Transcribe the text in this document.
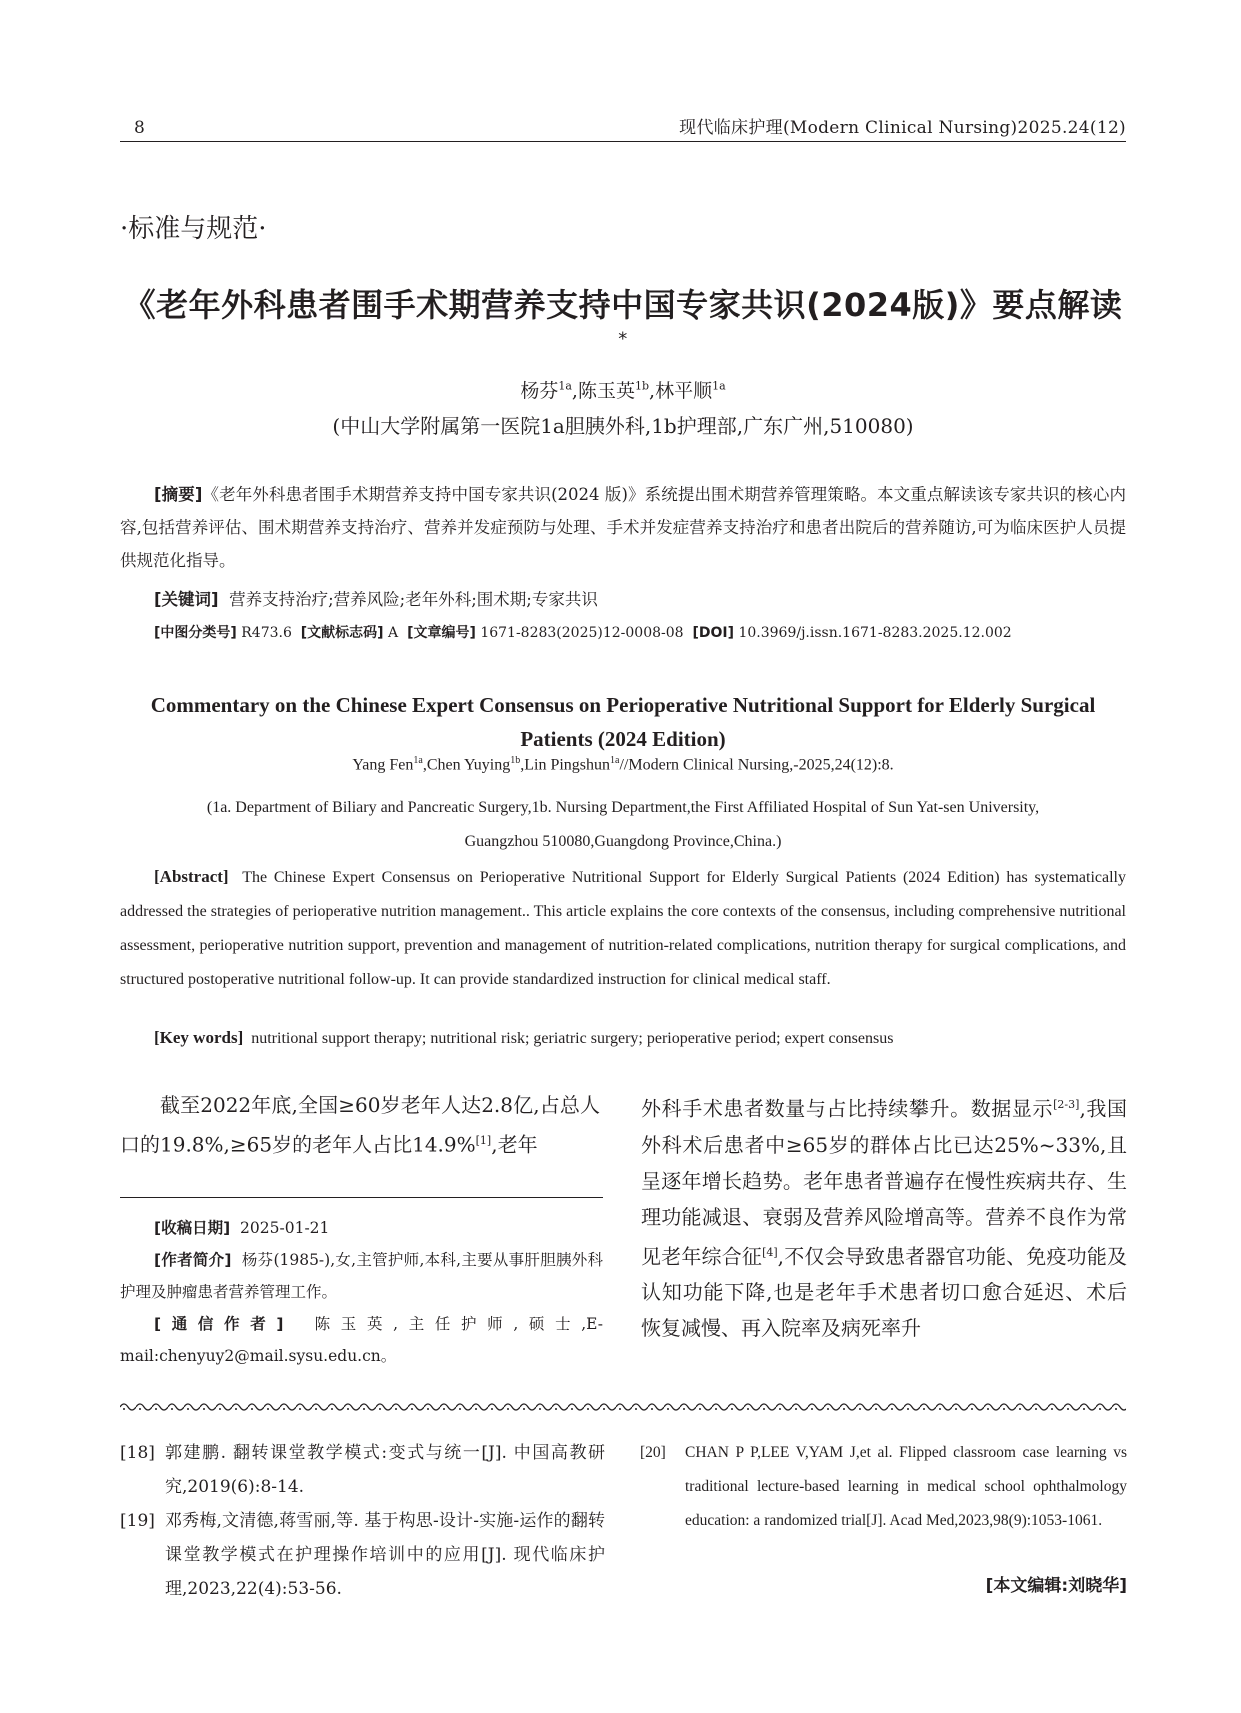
8	现代临床护理(Modern Clinical Nursing)2025.24(12)
·标准与规范·
《老年外科患者围手术期营养支持中国专家共识(2024版)》要点解读*
杨芬$^{1a}$,陈玉英$^{1b}$,林平顺$^{1a}$
(中山大学附属第一医院1a胆胰外科,1b护理部,广东广州,510080)
[摘要]《老年外科患者围手术期营养支持中国专家共识(2024 版)》系统提出围术期营养管理策略。本文重点解读该专家共识的核心内容,包括营养评估、围术期营养支持治疗、营养并发症预防与处理、手术并发症营养支持治疗和患者出院后的营养随访,可为临床医护人员提供规范化指导。
[关键词] 营养支持治疗;营养风险;老年外科;围术期;专家共识
[中图分类号] R473.6 [文献标志码] A [文章编号] 1671-8283(2025)12-0008-08 [DOI] 10.3969/j.issn.1671-8283.2025.12.002
Commentary on the Chinese Expert Consensus on Perioperative Nutritional Support for Elderly Surgical
Patients (2024 Edition)
Yang Fen$^{1a}$,Chen Yuying$^{1b}$,Lin Pingshun$^{1a}$//Modern Clinical Nursing,-2025,24(12):8.
(1a. Department of Biliary and Pancreatic Surgery,1b. Nursing Department,the First Affiliated Hospital of Sun Yat-sen University,
Guangzhou 510080,Guangdong Province,China.)
[Abstract] The Chinese Expert Consensus on Perioperative Nutritional Support for Elderly Surgical Patients (2024 Edition) has systematically addressed the strategies of perioperative nutrition management.. This article explains the core contexts of the consensus, including comprehensive nutritional assessment, perioperative nutrition support, prevention and management of nutrition-related complications, nutrition therapy for surgical complications, and structured postoperative nutritional follow-up. It can provide standardized instruction for clinical medical staff.
[Key words] nutritional support therapy; nutritional risk; geriatric surgery; perioperative period; expert consensus
截至2022年底,全国≥60岁老年人达2.8亿,占总人口的19.8%,≥65岁的老年人占比14.9%[1],老年
外科手术患者数量与占比持续攀升。数据显示[2-3],我国外科术后患者中≥65岁的群体占比已达25%~33%,且呈逐年增长趋势。老年患者普遍存在慢性疾病共存、生理功能减退、衰弱及营养风险增高等。营养不良作为常见老年综合征[4],不仅会导致患者器官功能、免疫功能及认知功能下降,也是老年手术患者切口愈合延迟、术后恢复减慢、再入院率及病死率升

[收稿日期] 2025-01-21

[作者简介] 杨芬(1985-),女,主管护师,本科,主要从事肝胆胰外科护理及肿瘤患者营养管理工作。

[通信作者] 陈玉英,主任护师,硕士,E-mail:chenyuy2@mail.sysu.edu.cn。

[18] 郭建鹏. 翻转课堂教学模式:变式与统一[J]. 中国高教研究,2019(6):8-14.
[19] 邓秀梅,文清德,蒋雪丽,等. 基于构思-设计-实施-运作的翻转课堂教学模式在护理操作培训中的应用[J]. 现代临床护理,2023,22(4):53-56.
[20]	CHAN P P,LEE V,YAM J,et al. Flipped classroom case learning vs traditional lecture-based learning in medical school ophthalmology education: a randomized trial[J]. Acad Med,2023,98(9):1053-1061.
[本文编辑:刘晓华]
